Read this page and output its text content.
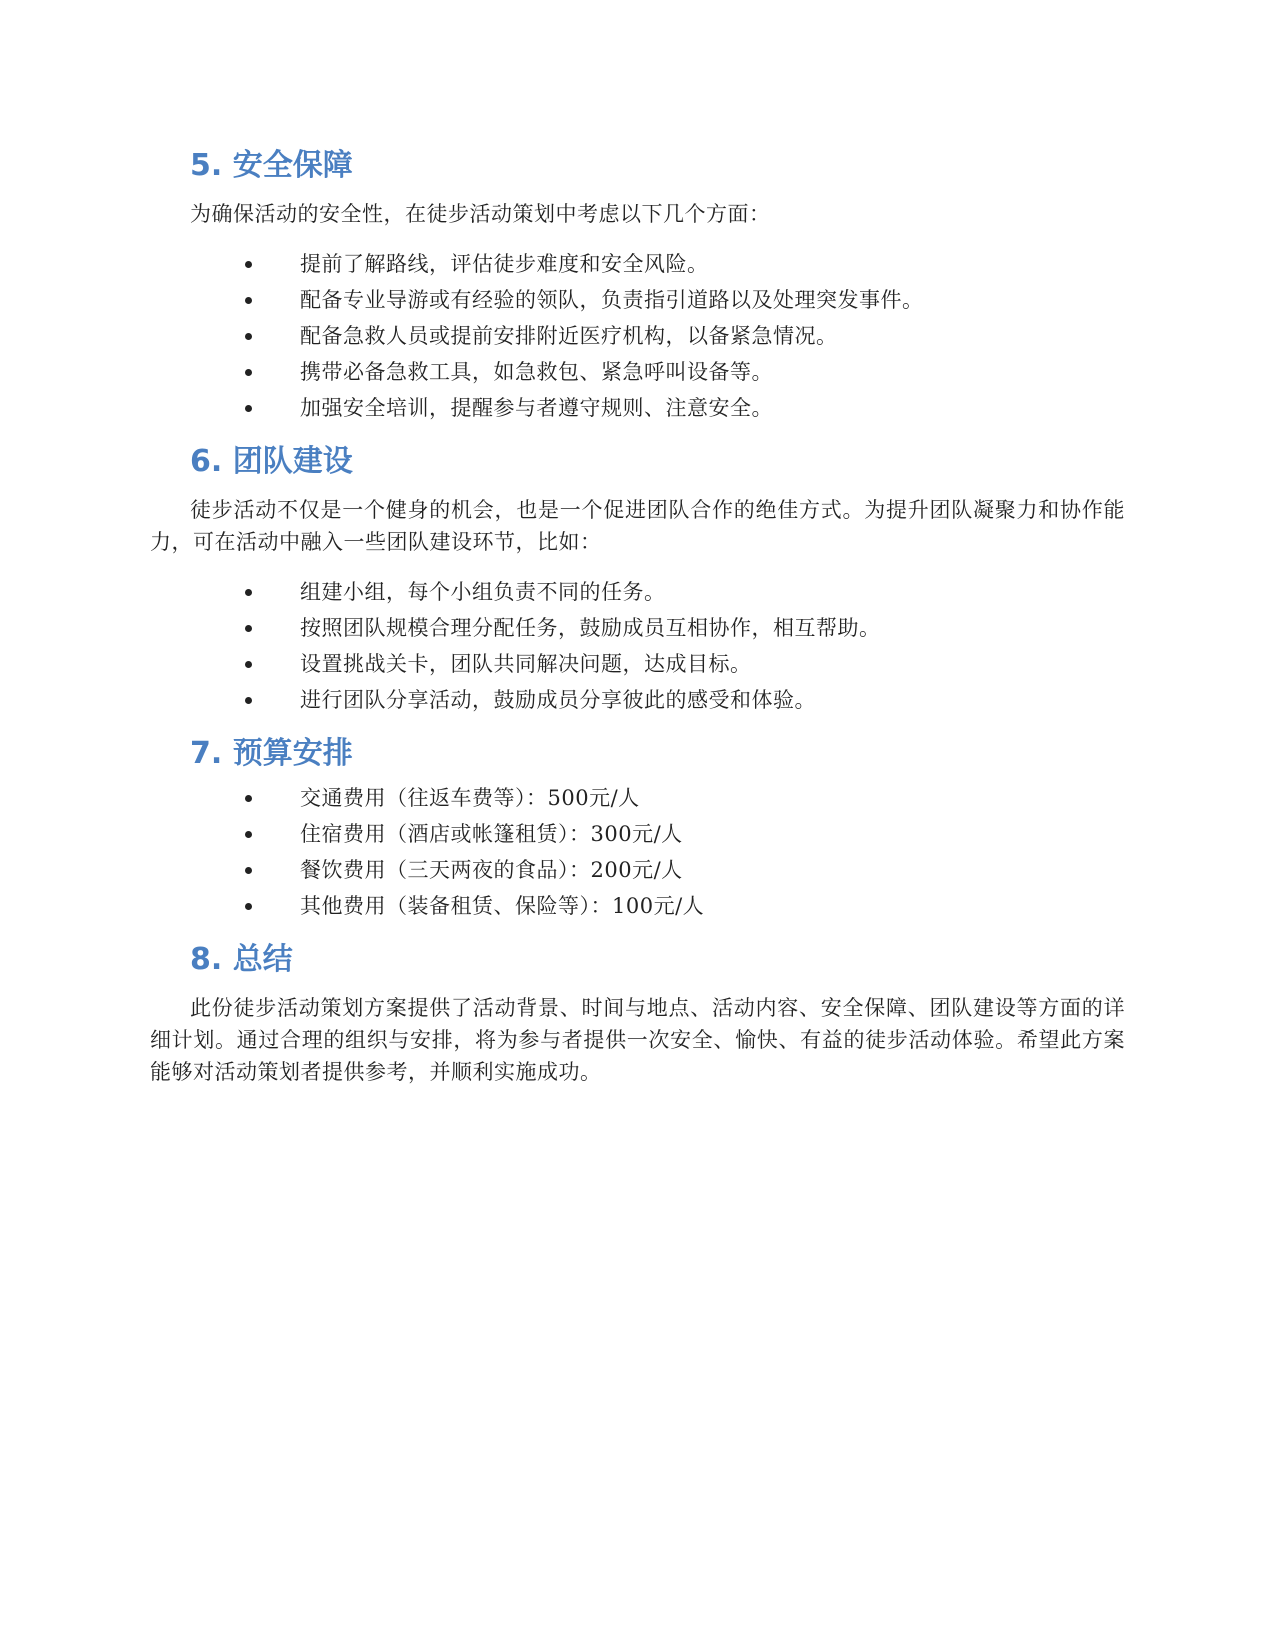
5. 安全保障

为确保活动的安全性，在徒步活动策划中考虑以下几个方面：

提前了解路线，评估徒步难度和安全风险。
配备专业导游或有经验的领队，负责指引道路以及处理突发事件。
配备急救人员或提前安排附近医疗机构，以备紧急情况。
携带必备急救工具，如急救包、紧急呼叫设备等。
加强安全培训，提醒参与者遵守规则、注意安全。
6. 团队建设

徒步活动不仅是一个健身的机会，也是一个促进团队合作的绝佳方式。为提升团队凝聚力和协作能力，可在活动中融入一些团队建设环节，比如：

组建小组，每个小组负责不同的任务。
按照团队规模合理分配任务，鼓励成员互相协作，相互帮助。
设置挑战关卡，团队共同解决问题，达成目标。
进行团队分享活动，鼓励成员分享彼此的感受和体验。
7. 预算安排
交通费用（往返车费等）：500元/人
住宿费用（酒店或帐篷租赁）：300元/人
餐饮费用（三天两夜的食品）：200元/人
其他费用（装备租赁、保险等）：100元/人
8. 总结

此份徒步活动策划方案提供了活动背景、时间与地点、活动内容、安全保障、团队建设等方面的详细计划。通过合理的组织与安排，将为参与者提供一次安全、愉快、有益的徒步活动体验。希望此方案能够对活动策划者提供参考，并顺利实施成功。
